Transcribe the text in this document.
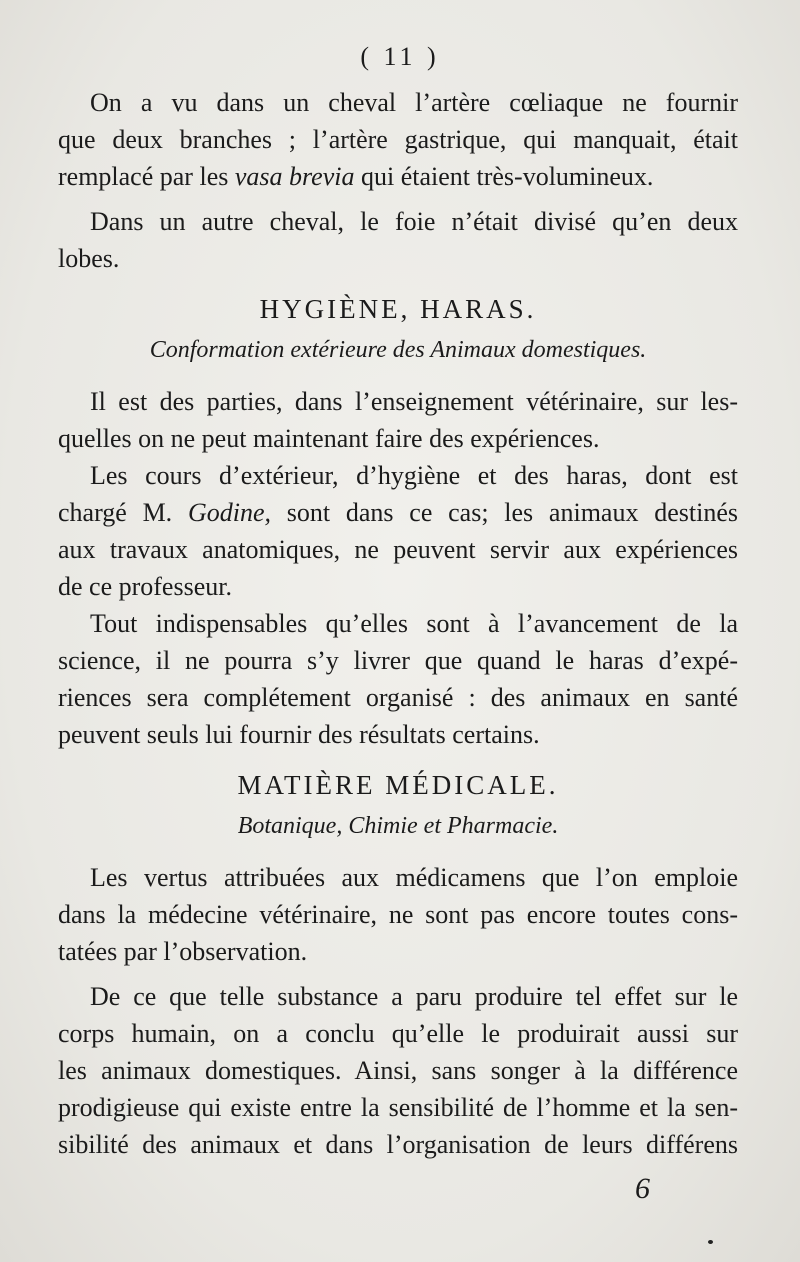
( 11 )
On a vu dans un cheval l’artère cœliaque ne fournir
que deux branches ; l’artère gastrique, qui manquait, était
remplacé par les vasa brevia qui étaient très-volumineux.
Dans un autre cheval, le foie n’était divisé qu’en deux
lobes.
HYGIÈNE, HARAS.
Conformation extérieure des Animaux domestiques.
Il est des parties, dans l’enseignement vétérinaire, sur les-
quelles on ne peut maintenant faire des expériences.
Les cours d’extérieur, d’hygiène et des haras, dont est
chargé M. Godine, sont dans ce cas; les animaux destinés
aux travaux anatomiques, ne peuvent servir aux expériences
de ce professeur.
Tout indispensables qu’elles sont à l’avancement de la
science, il ne pourra s’y livrer que quand le haras d’expé-
riences sera complétement organisé : des animaux en santé
peuvent seuls lui fournir des résultats certains.
MATIÈRE MÉDICALE.
Botanique, Chimie et Pharmacie.
Les vertus attribuées aux médicamens que l’on emploie
dans la médecine vétérinaire, ne sont pas encore toutes cons-
tatées par l’observation.
De ce que telle substance a paru produire tel effet sur le
corps humain, on a conclu qu’elle le produirait aussi sur
les animaux domestiques. Ainsi, sans songer à la différence
prodigieuse qui existe entre la sensibilité de l’homme et la sen-
sibilité des animaux et dans l’organisation de leurs différens
6
